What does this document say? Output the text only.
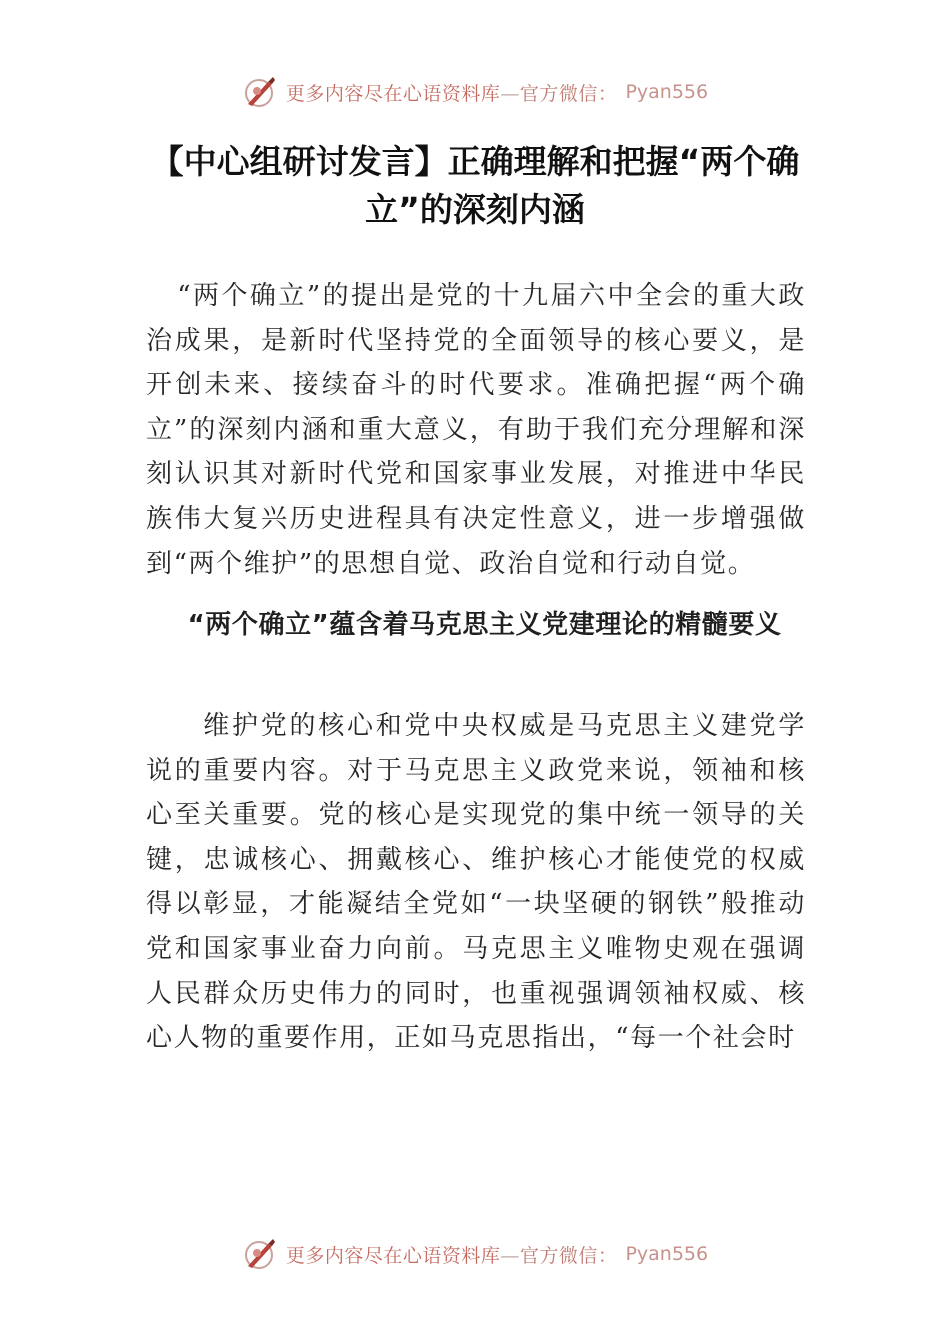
更多内容尽在心语资料库—官方微信： Pyan556
【中心组研讨发言】正确理解和把握“两个确立”的深刻内涵

“两个确立”的提出是党的十九届六中全会的重大政治成果，是新时代坚持党的全面领导的核心要义，是开创未来、接续奋斗的时代要求。准确把握“两个确立”的深刻内涵和重大意义，有助于我们充分理解和深刻认识其对新时代党和国家事业发展，对推进中华民族伟大复兴历史进程具有决定性意义，进一步增强做到“两个维护”的思想自觉、政治自觉和行动自觉。

“两个确立”蕴含着马克思主义党建理论的精髓要义

维护党的核心和党中央权威是马克思主义建党学说的重要内容。对于马克思主义政党来说，领袖和核心至关重要。党的核心是实现党的集中统一领导的关键，忠诚核心、拥戴核心、维护核心才能使党的权威得以彰显，才能凝结全党如“一块坚硬的钢铁”般推动党和国家事业奋力向前。马克思主义唯物史观在强调人民群众历史伟力的同时，也重视强调领袖权威、核心人物的重要作用，正如马克思指出，“每一个社会时

更多内容尽在心语资料库—官方微信： Pyan556
